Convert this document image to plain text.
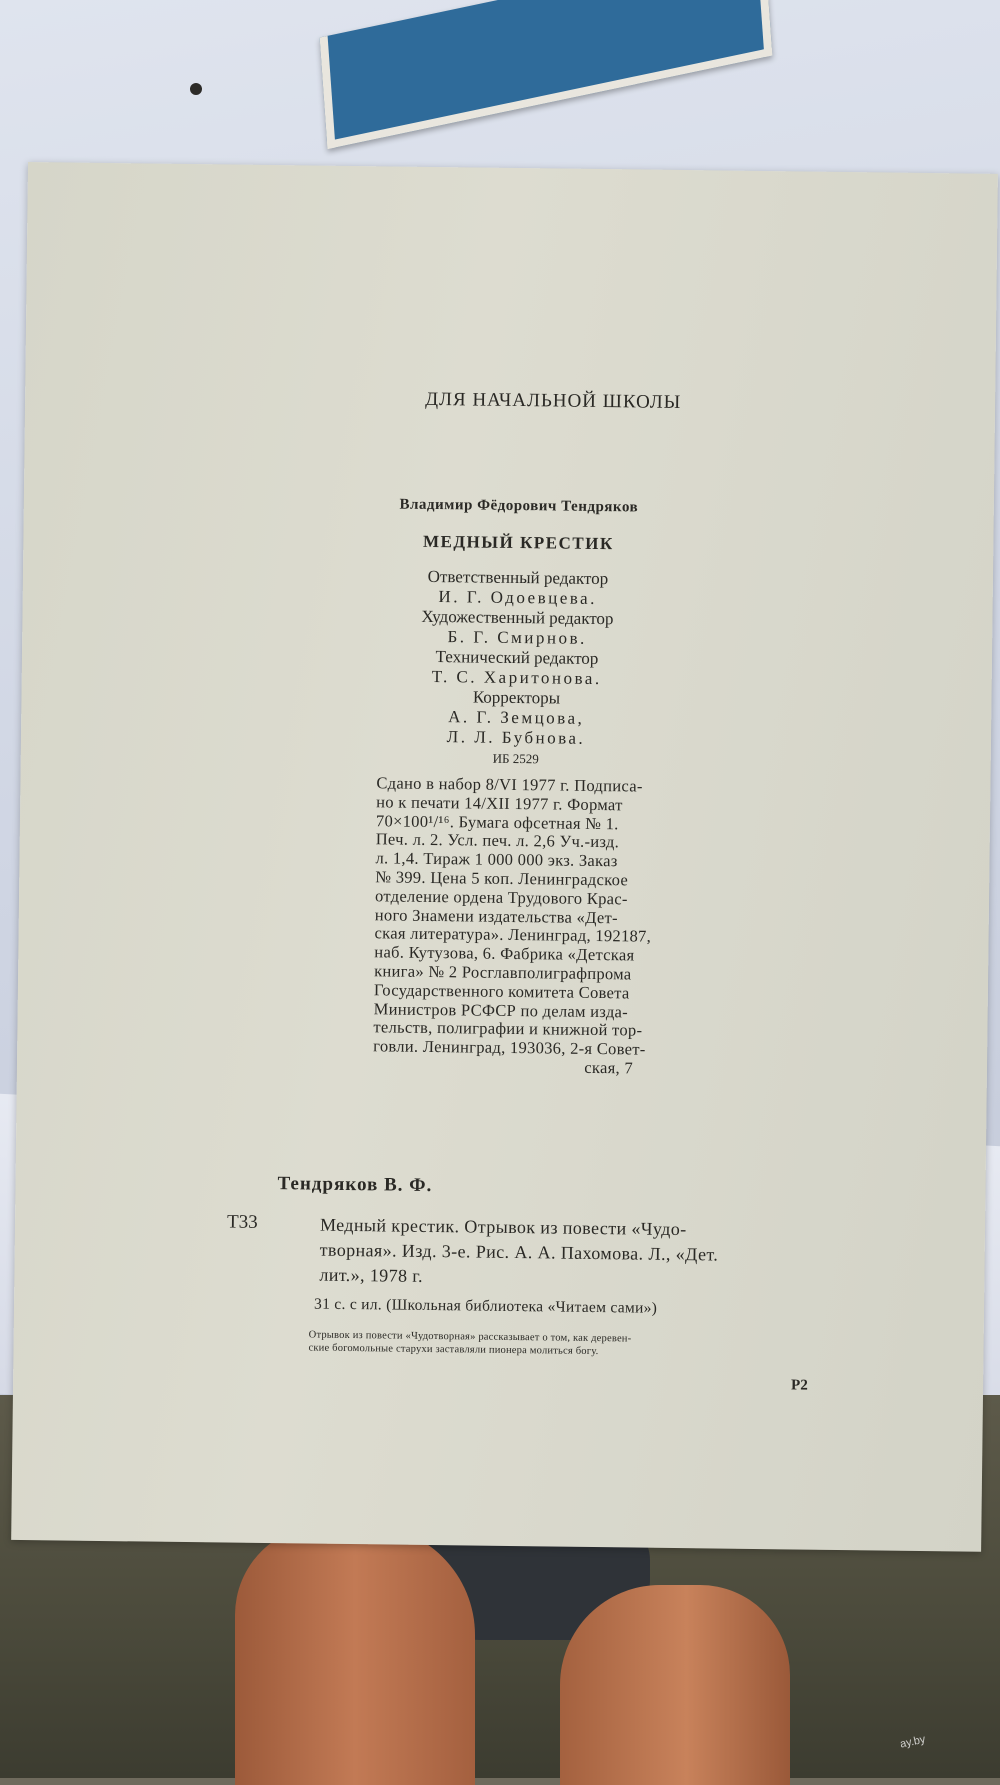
ДЛЯ НАЧАЛЬНОЙ ШКОЛЫ
Владимир Фёдорович Тендряков
МЕДНЫЙ КРЕСТИК
Ответственный редактор
И. Г. Одоевцева.
Художественный редактор
Б. Г. Смирнов.
Технический редактор
Т. С. Харитонова.
Корректоры
А. Г. Земцова,
Л. Л. Бубнова.
ИБ 2529
Сдано в набор 8/VI 1977 г. Подписа-
но к печати 14/XII 1977 г. Формат
70×100¹/¹⁶. Бумага офсетная № 1.
Печ. л. 2. Усл. печ. л. 2,6 Уч.-изд.
л. 1,4. Тираж 1 000 000 экз. Заказ
№ 399. Цена 5 коп. Ленинградское
отделение ордена Трудового Крас-
ного Знамени издательства «Дет-
ская литература». Ленинград, 192187,
наб. Кутузова, 6. Фабрика «Детская
книга» № 2 Росглавполиграфпрома
Государственного комитета Совета
Министров РСФСР по делам изда-
тельств, полиграфии и книжной тор-
говли. Ленинград, 193036, 2-я Совет-
ская, 7
Тендряков В. Ф.
Т33	Медный крестик. Отрывок из повести «Чудо-
творная». Изд. 3-е. Рис. А. А. Пахомова. Л., «Дет.
лит.», 1978 г.
31 с. с ил. (Школьная библиотека «Читаем сами»)
Отрывок из повести «Чудотворная» рассказывает о том, как деревен-
ские богомольные старухи заставляли пионера молиться богу.
Р2
ay.by
